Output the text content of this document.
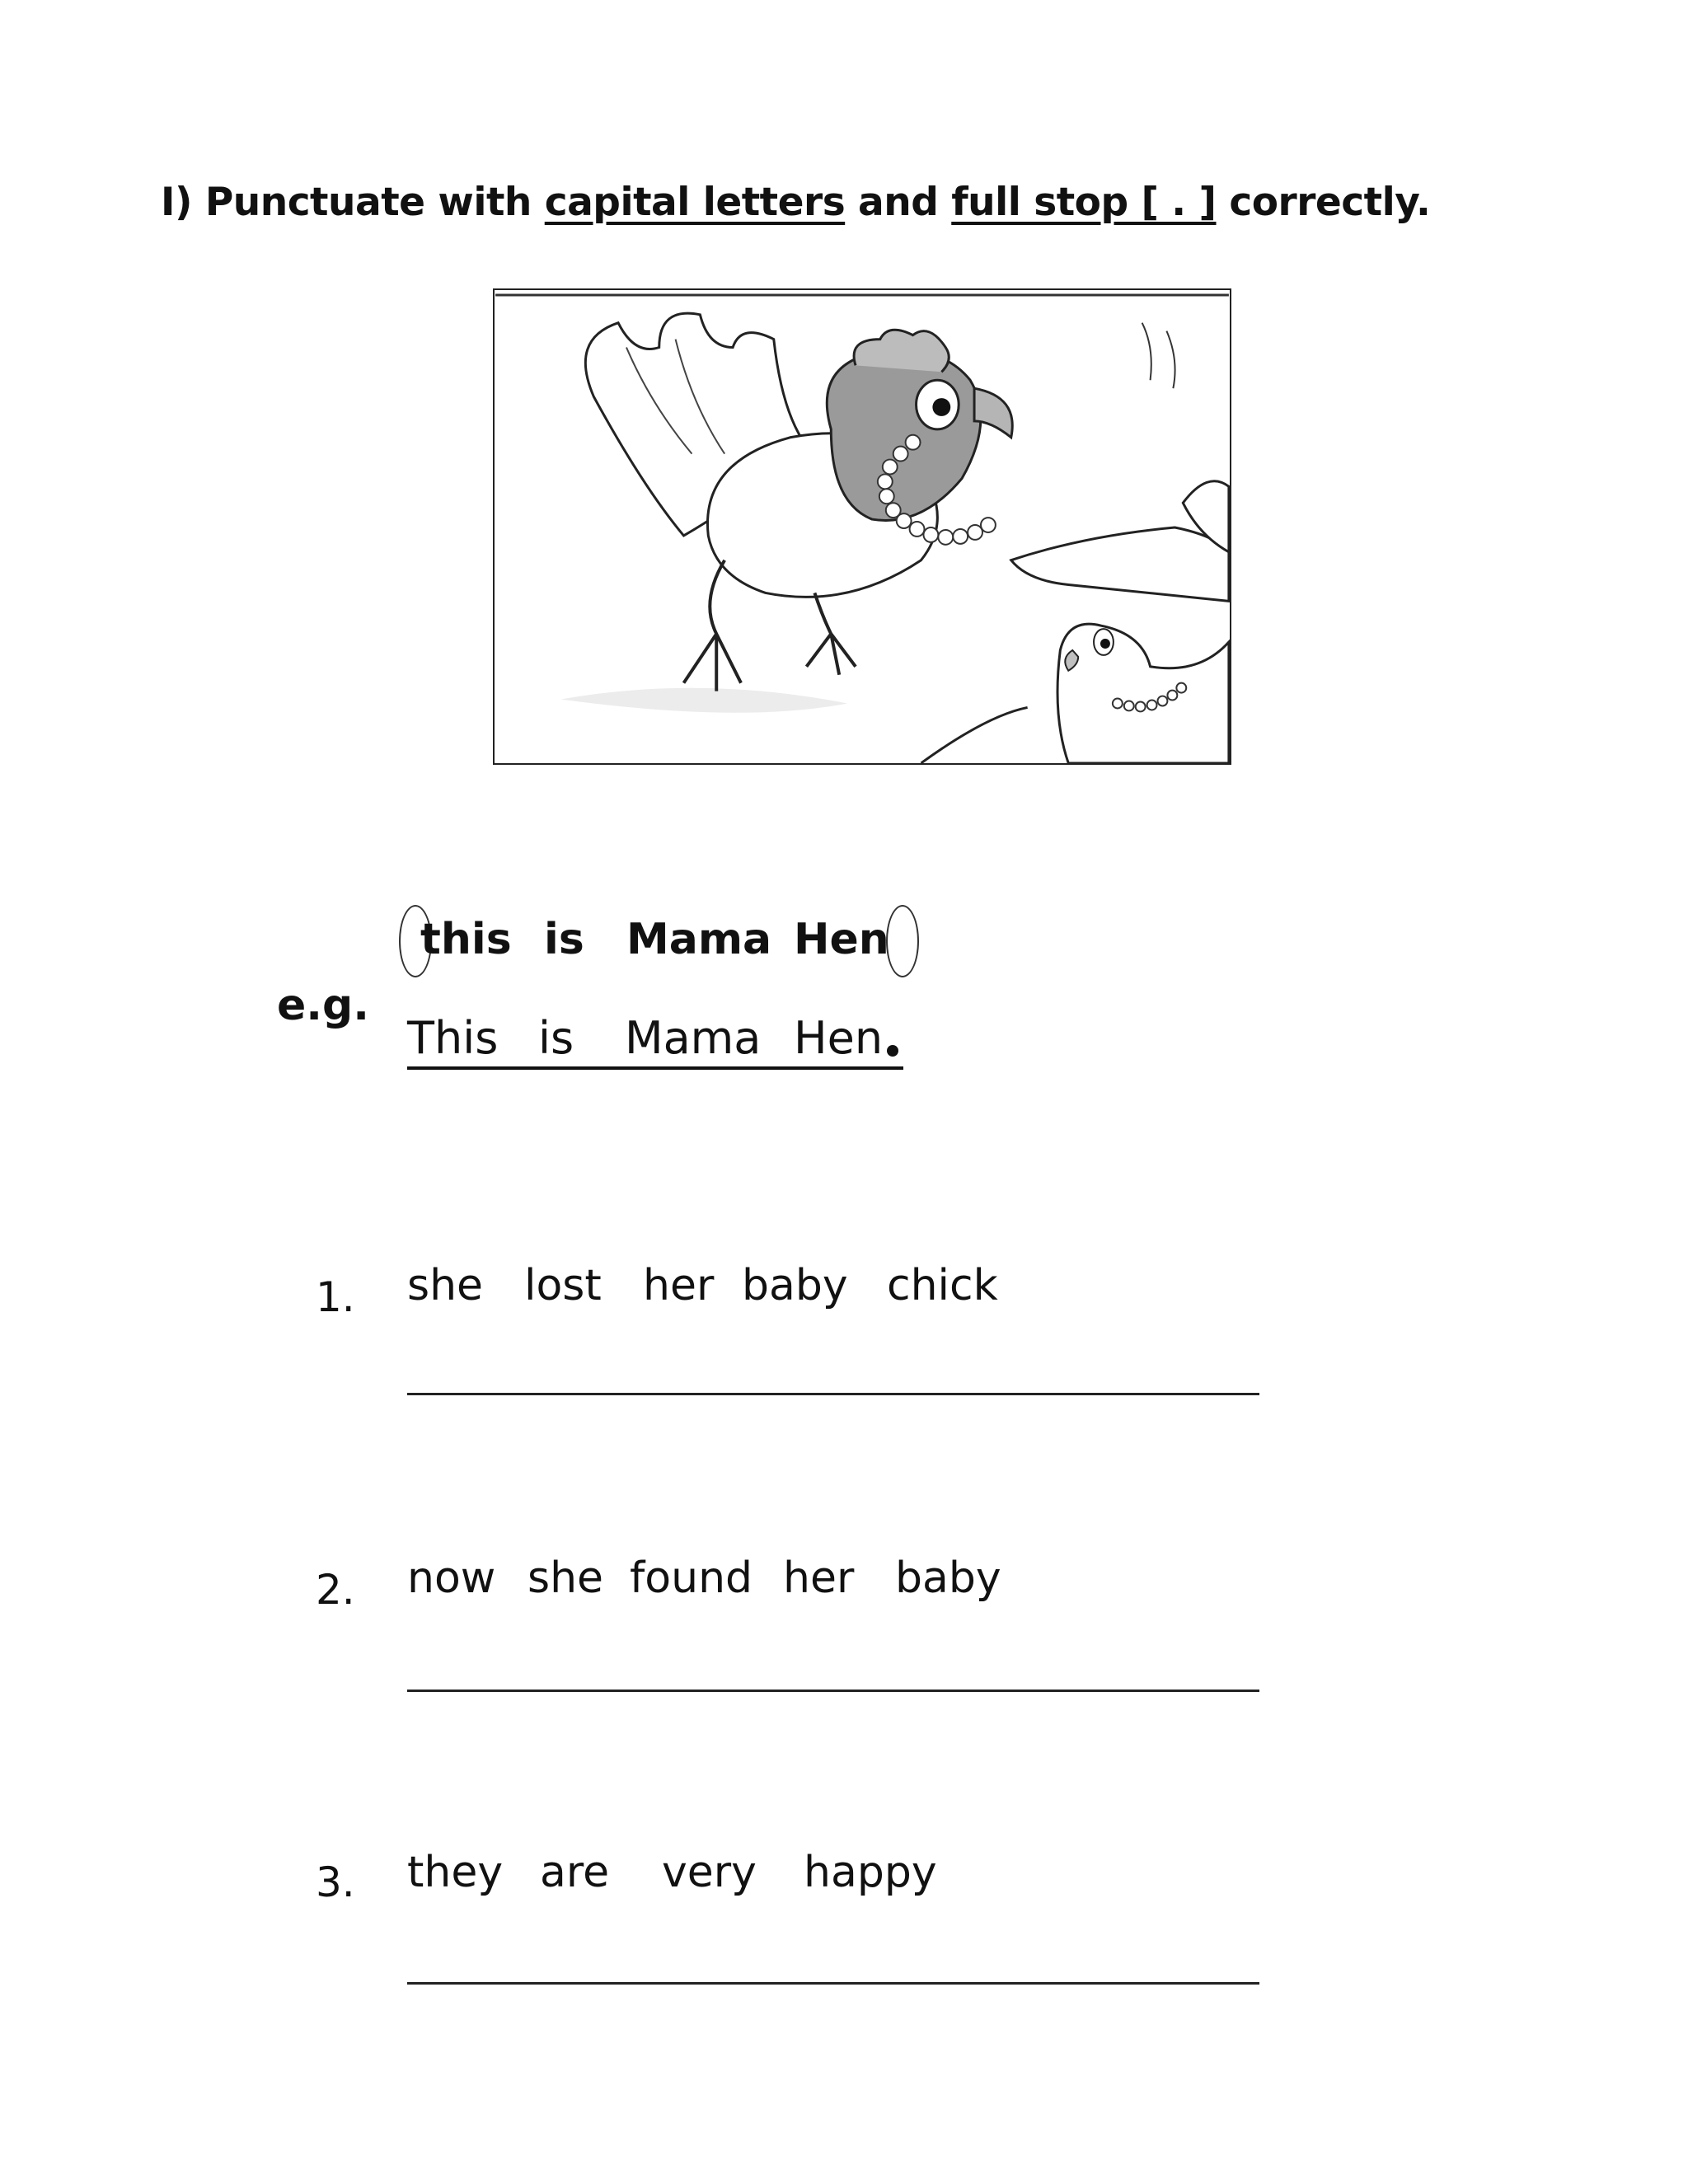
I) Punctuate with capital letters and full stop [ . ] correctly.
e.g.
this is Mama Hen
This is Mama Hen
1. she lost her baby chick
2. now she found her baby
3. they are very happy
